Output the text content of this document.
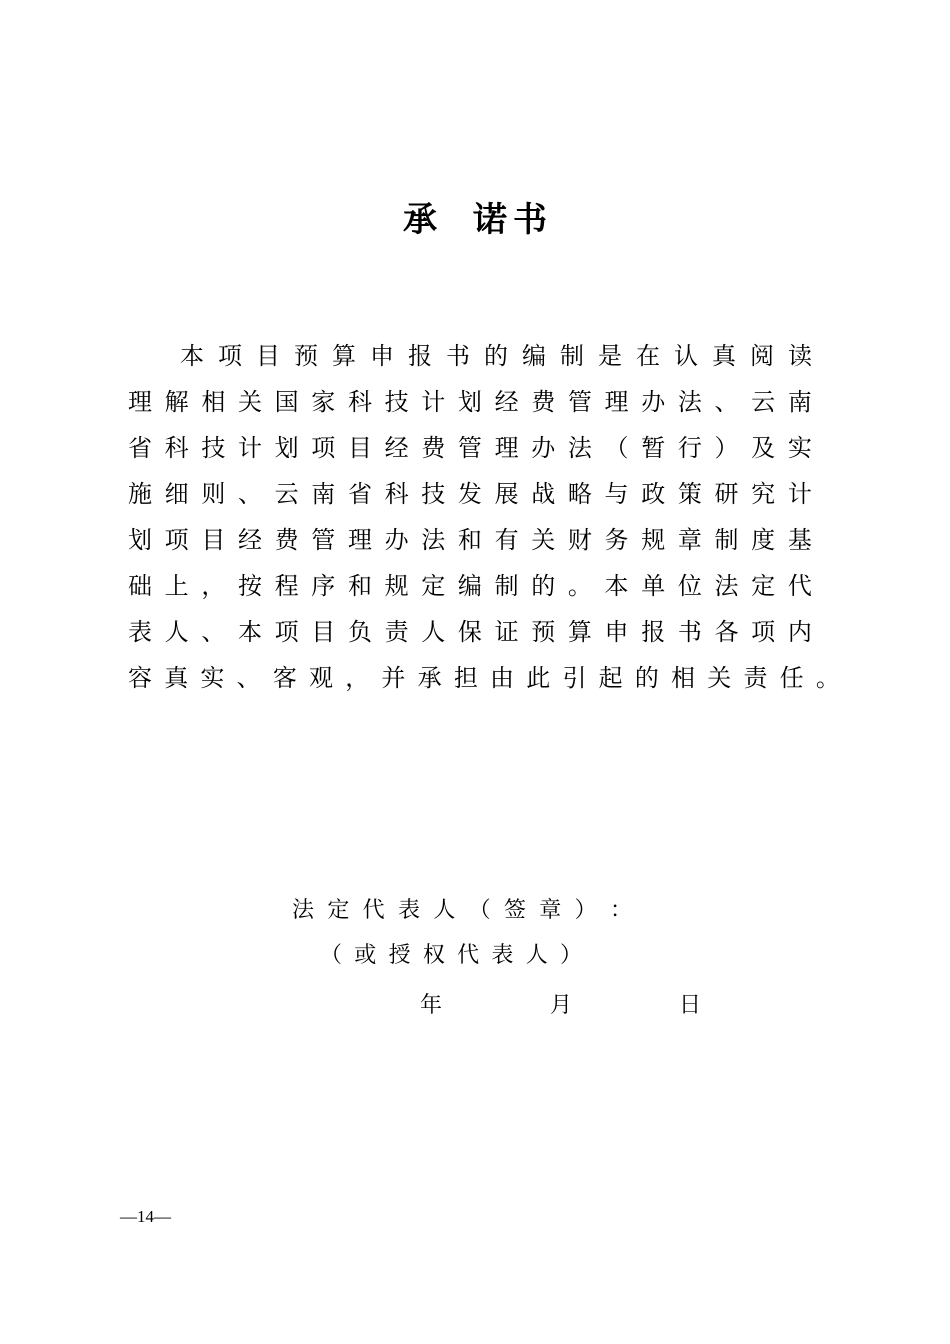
承 诺 书
本 项 目 预 算 申 报 书 的 编 制 是 在 认 真 阅 读
理 解 相 关 国 家 科 技 计 划 经 费 管 理 办 法 、 云 南
省 科 技 计 划 项 目 经 费 管 理 办 法 （ 暂 行 ） 及 实
施 细 则 、 云 南 省 科 技 发 展 战 略 与 政 策 研 究 计
划 项 目 经 费 管 理 办 法 和 有 关 财 务 规 章 制 度 基
础 上 ， 按 程 序 和 规 定 编 制 的 。 本 单 位 法 定 代
表 人 、 本 项 目 负 责 人 保 证 预 算 申 报 书 各 项 内
容 真 实 、 客 观 ， 并 承 担 由 此 引 起 的 相 关 责 任 。
法 定 代 表 人 （ 签 章 ） ：
（ 或 授 权 代 表 人 ）
年	月	日
—14—
